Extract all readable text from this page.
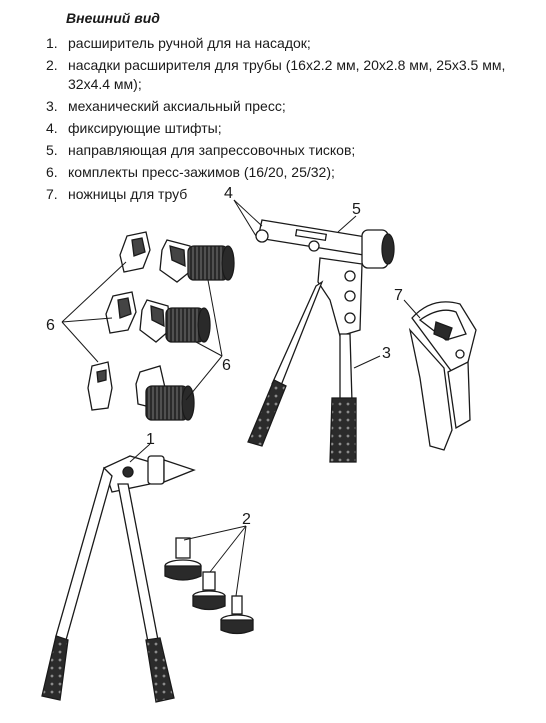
Внешний вид
1. расширитель ручной для на насадок;
2. насадки расширителя для трубы (16x2.2 мм, 20x2.8 мм, 25x3.5 мм, 32x4.4 мм);
3. механический аксиальный пресс;
4. фиксирующие штифты;
5. направляющая для запрессовочных тисков;
6. комплекты пресс-зажимов (16/20, 25/32);
7. ножницы для труб	4
5
3
7
6
6
1
2
